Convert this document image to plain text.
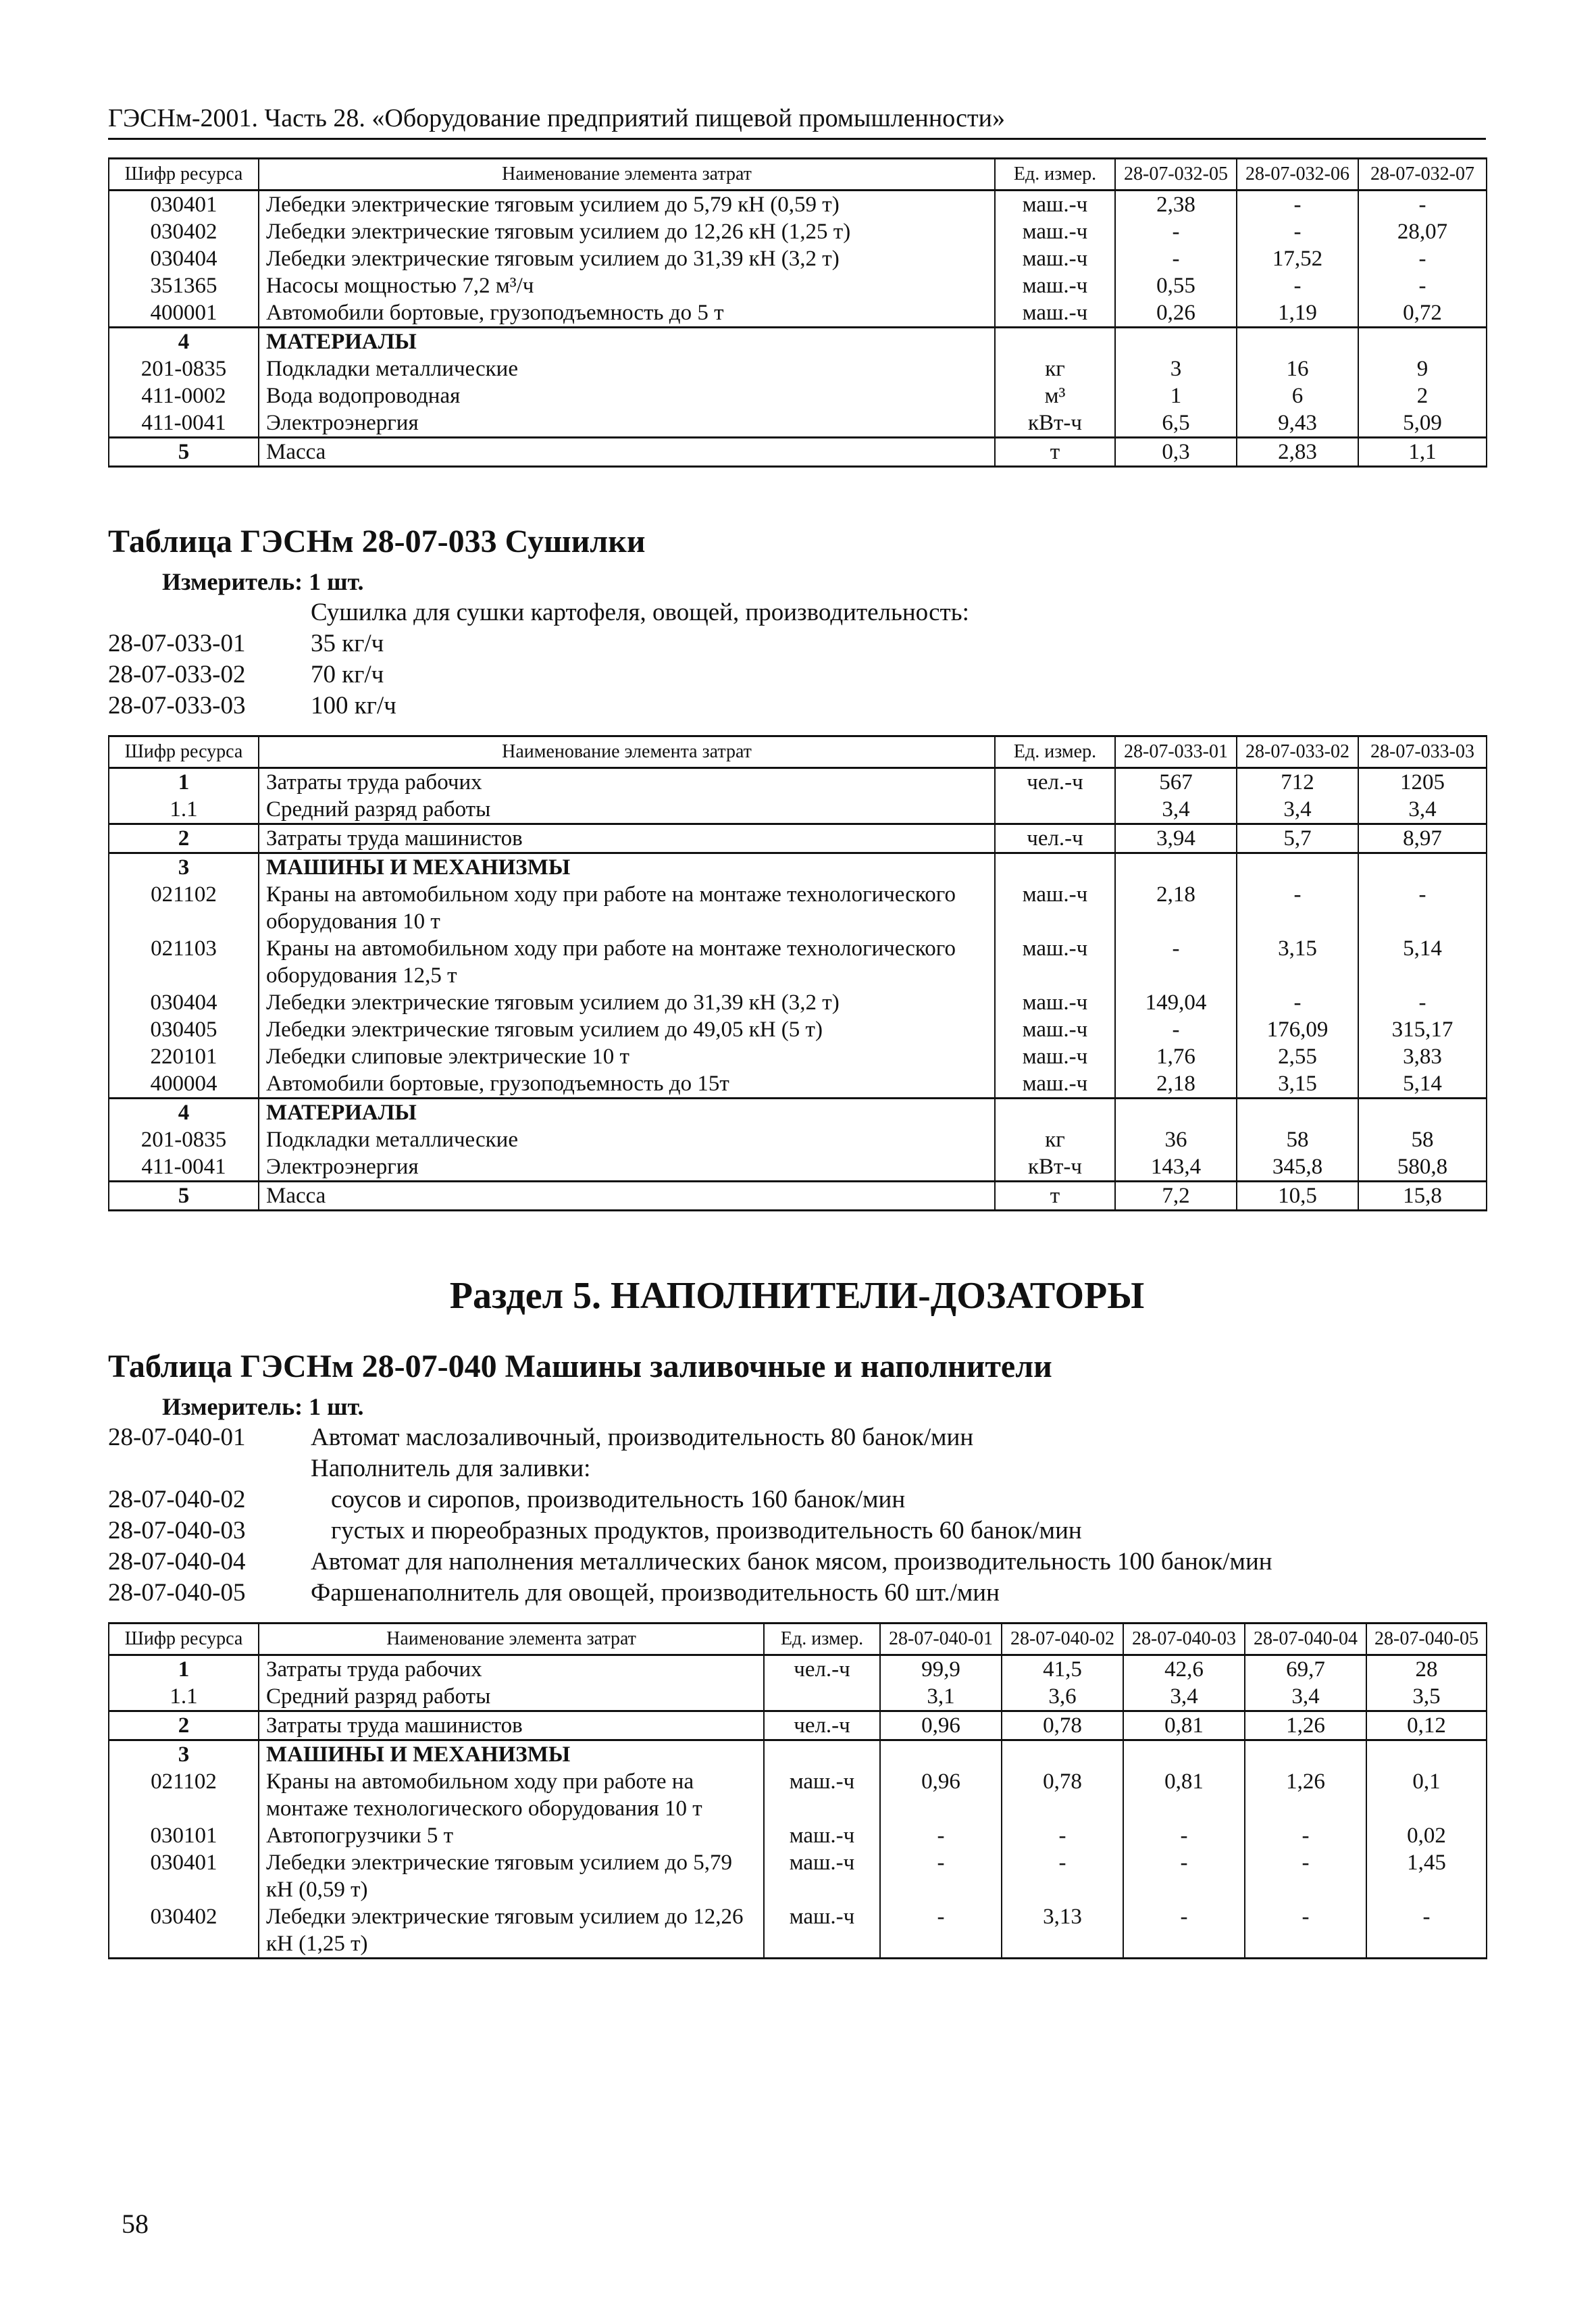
ГЭСНм-2001. Часть 28. «Оборудование предприятий пищевой промышленности»
Шифр ресурса	Наименование элемента затрат	Ед. измер.	28-07-032-05	28-07-032-06	28-07-032-07
030401	Лебедки электрические тяговым усилием до 5,79 кН (0,59 т)	маш.-ч	2,38	-	-
030402	Лебедки электрические тяговым усилием до 12,26 кН (1,25 т)	маш.-ч	-	-	28,07
030404	Лебедки электрические тяговым усилием до 31,39 кН (3,2 т)	маш.-ч	-	17,52	-
351365	Насосы мощностью 7,2 м³/ч	маш.-ч	0,55	-	-
400001	Автомобили бортовые, грузоподъемность до 5 т	маш.-ч	0,26	1,19	0,72
4	МАТЕРИАЛЫ				
201-0835	Подкладки металлические	кг	3	16	9
411-0002	Вода водопроводная	м³	1	6	2
411-0041	Электроэнергия	кВт-ч	6,5	9,43	5,09
5	Масса	т	0,3	2,83	1,1
Таблица ГЭСНм 28-07-033 Сушилки
Измеритель: 1 шт.
Сушилка для сушки картофеля, овощей, производительность:
28-07-033-01	35 кг/ч
28-07-033-02	70 кг/ч
28-07-033-03	100 кг/ч
Шифр ресурса	Наименование элемента затрат	Ед. измер.	28-07-033-01	28-07-033-02	28-07-033-03
1	Затраты труда рабочих	чел.-ч	567	712	1205
1.1	Средний разряд работы		3,4	3,4	3,4
2	Затраты труда машинистов	чел.-ч	3,94	5,7	8,97
3	МАШИНЫ И МЕХАНИЗМЫ				
021102	Краны на автомобильном ходу при работе на монтаже технологического оборудования 10 т	маш.-ч	2,18	-	-
021103	Краны на автомобильном ходу при работе на монтаже технологического оборудования 12,5 т	маш.-ч	-	3,15	5,14
030404	Лебедки электрические тяговым усилием до 31,39 кН (3,2 т)	маш.-ч	149,04	-	-
030405	Лебедки электрические тяговым усилием до 49,05 кН (5 т)	маш.-ч	-	176,09	315,17
220101	Лебедки слиповые электрические 10 т	маш.-ч	1,76	2,55	3,83
400004	Автомобили бортовые, грузоподъемность до 15т	маш.-ч	2,18	3,15	5,14
4	МАТЕРИАЛЫ				
201-0835	Подкладки металлические	кг	36	58	58
411-0041	Электроэнергия	кВт-ч	143,4	345,8	580,8
5	Масса	т	7,2	10,5	15,8
Раздел 5. НАПОЛНИТЕЛИ-ДОЗАТОРЫ
Таблица ГЭСНм 28-07-040 Машины заливочные и наполнители
Измеритель: 1 шт.
28-07-040-01	Автомат маслозаливочный, производительность 80 банок/мин
Наполнитель для заливки:
28-07-040-02	соусов и сиропов, производительность 160 банок/мин
28-07-040-03	густых и пюреобразных продуктов, производительность 60 банок/мин
28-07-040-04	Автомат для наполнения металлических банок мясом, производительность 100 банок/мин
28-07-040-05	Фаршенаполнитель для овощей, производительность 60 шт./мин
Шифр ресурса	Наименование элемента затрат	Ед. измер.	28-07-040-01	28-07-040-02	28-07-040-03	28-07-040-04	28-07-040-05
1	Затраты труда рабочих	чел.-ч	99,9	41,5	42,6	69,7	28
1.1	Средний разряд работы		3,1	3,6	3,4	3,4	3,5
2	Затраты труда машинистов	чел.-ч	0,96	0,78	0,81	1,26	0,12
3	МАШИНЫ И МЕХАНИЗМЫ						
021102	Краны на автомобильном ходу при работе на монтаже технологического оборудования 10 т	маш.-ч	0,96	0,78	0,81	1,26	0,1
030101	Автопогрузчики 5 т	маш.-ч	-	-	-	-	0,02
030401	Лебедки электрические тяговым усилием до 5,79 кН (0,59 т)	маш.-ч	-	-	-	-	1,45
030402	Лебедки электрические тяговым усилием до 12,26 кН (1,25 т)	маш.-ч	-	3,13	-	-	-
58
